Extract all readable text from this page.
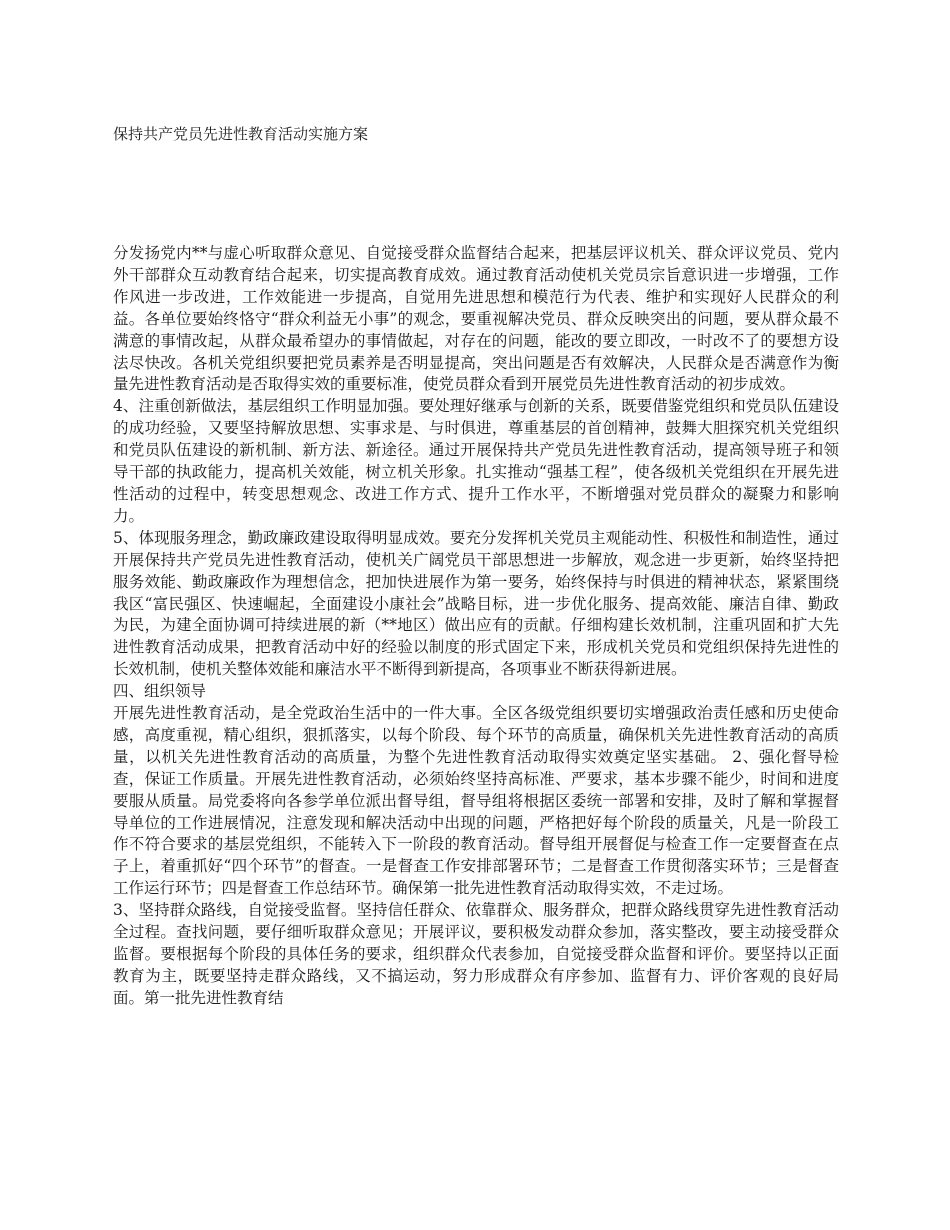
保持共产党员先进性教育活动实施方案

分发扬党内**与虚心听取群众意见、自觉接受群众监督结合起来，把基层评议机关、群众评议党员、党内外干部群众互动教育结合起来，切实提高教育成效。通过教育活动使机关党员宗旨意识进一步增强，工作作风进一步改进，工作效能进一步提高，自觉用先进思想和模范行为代表、维护和实现好人民群众的利益。各单位要始终恪守“群众利益无小事”的观念，要重视解决党员、群众反映突出的问题，要从群众最不满意的事情改起，从群众最希望办的事情做起，对存在的问题，能改的要立即改，一时改不了的要想方设法尽快改。各机关党组织要把党员素养是否明显提高，突出问题是否有效解决，人民群众是否满意作为衡量先进性教育活动是否取得实效的重要标准，使党员群众看到开展党员先进性教育活动的初步成效。

4、注重创新做法，基层组织工作明显加强。要处理好继承与创新的关系，既要借鉴党组织和党员队伍建设的成功经验，又要坚持解放思想、实事求是、与时俱进，尊重基层的首创精神，鼓舞大胆探究机关党组织和党员队伍建设的新机制、新方法、新途径。通过开展保持共产党员先进性教育活动，提高领导班子和领导干部的执政能力，提高机关效能，树立机关形象。扎实推动“强基工程”，使各级机关党组织在开展先进性活动的过程中，转变思想观念、改进工作方式、提升工作水平，不断增强对党员群众的凝聚力和影响力。

5、体现服务理念，勤政廉政建设取得明显成效。要充分发挥机关党员主观能动性、积极性和制造性，通过开展保持共产党员先进性教育活动，使机关广阔党员干部思想进一步解放，观念进一步更新，始终坚持把服务效能、勤政廉政作为理想信念，把加快进展作为第一要务，始终保持与时俱进的精神状态，紧紧围绕我区“富民强区、快速崛起，全面建设小康社会”战略目标，进一步优化服务、提高效能、廉洁自律、勤政为民，为建全面协调可持续进展的新（**地区）做出应有的贡献。仔细构建长效机制，注重巩固和扩大先进性教育活动成果，把教育活动中好的经验以制度的形式固定下来，形成机关党员和党组织保持先进性的长效机制，使机关整体效能和廉洁水平不断得到新提高，各项事业不断获得新进展。

四、组织领导

开展先进性教育活动，是全党政治生活中的一件大事。全区各级党组织要切实增强政治责任感和历史使命感，高度重视，精心组织，狠抓落实，以每个阶段、每个环节的高质量，确保机关先进性教育活动的高质量，以机关先进性教育活动的高质量，为整个先进性教育活动取得实效奠定坚实基础。 2、强化督导检查，保证工作质量。开展先进性教育活动，必须始终坚持高标准、严要求，基本步骤不能少，时间和进度要服从质量。局党委将向各参学单位派出督导组，督导组将根据区委统一部署和安排，及时了解和掌握督导单位的工作进展情况，注意发现和解决活动中出现的问题，严格把好每个阶段的质量关，凡是一阶段工作不符合要求的基层党组织，不能转入下一阶段的教育活动。督导组开展督促与检查工作一定要督查在点子上，着重抓好“四个环节”的督查。一是督查工作安排部署环节；二是督查工作贯彻落实环节；三是督查工作运行环节；四是督查工作总结环节。确保第一批先进性教育活动取得实效，不走过场。

3、坚持群众路线，自觉接受监督。坚持信任群众、依靠群众、服务群众，把群众路线贯穿先进性教育活动全过程。查找问题，要仔细听取群众意见；开展评议，要积极发动群众参加，落实整改，要主动接受群众监督。要根据每个阶段的具体任务的要求，组织群众代表参加，自觉接受群众监督和评价。要坚持以正面教育为主，既要坚持走群众路线，又不搞运动，努力形成群众有序参加、监督有力、评价客观的良好局面。第一批先进性教育结
